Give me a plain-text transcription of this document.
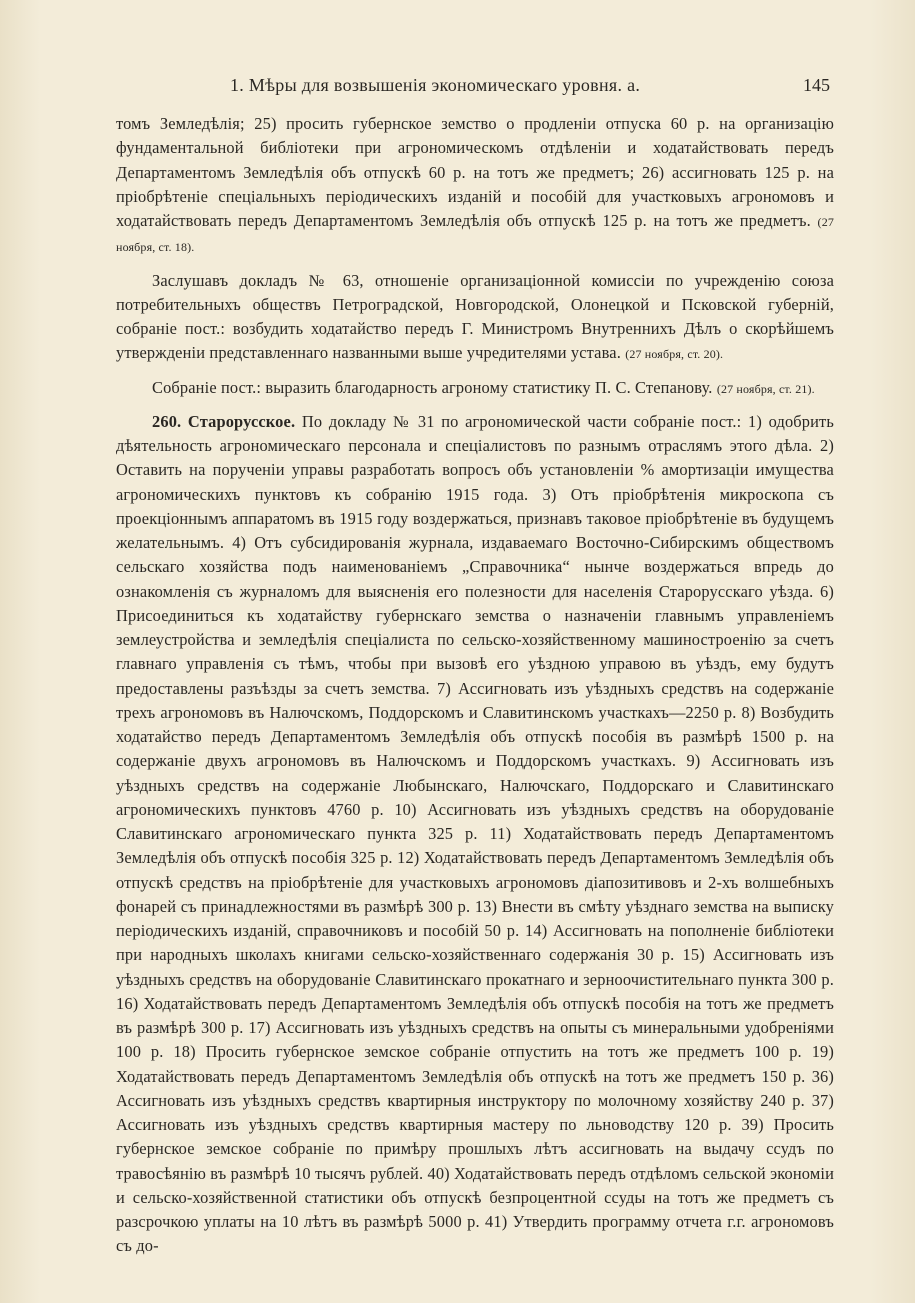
1. Мѣры для возвышенія экономическаго уровня. а.	145

томъ Земледѣлія; 25) просить губернское земство о продленіи отпуска 60 р. на организацію фундаментальной библіотеки при агрономическомъ отдѣленіи и ходатайствовать передъ Департаментомъ Земледѣлія объ отпускѣ 60 р. на тотъ же предметъ; 26) ассигновать 125 р. на пріобрѣтеніе спеціальныхъ періодическихъ изданій и пособій для участковыхъ агрономовъ и ходатайствовать передъ Департаментомъ Земледѣлія объ отпускѣ 125 р. на тотъ же предметъ. (27 ноября, ст. 18).

Заслушавъ докладъ № 63, отношеніе организаціонной комиссіи по учрежденію союза потребительныхъ обществъ Петроградской, Новгородской, Олонецкой и Псковской губерній, собраніе пост.: возбудить ходатайство передъ Г. Министромъ Внутреннихъ Дѣлъ о скорѣйшемъ утвержденіи представленнаго названными выше учредителями устава. (27 ноября, ст. 20).

Собраніе пост.: выразить благодарность агроному статистику П. С. Степанову. (27 ноября, ст. 21).

260. Старорусское. По докладу № 31 по агрономической части собраніе пост.: 1) одобрить дѣятельность агрономическаго персонала и спеціалистовъ по разнымъ отраслямъ этого дѣла. 2) Оставить на порученіи управы разработать вопросъ объ установленіи % амортизаціи имущества агрономическихъ пунктовъ къ собранію 1915 года. 3) Отъ пріобрѣтенія микроскопа съ проекціоннымъ аппаратомъ въ 1915 году воздержаться, признавъ таковое пріобрѣтеніе въ будущемъ желательнымъ. 4) Отъ субсидированія журнала, издаваемаго Восточно-Сибирскимъ обществомъ сельскаго хозяйства подъ наименованіемъ „Справочника“ нынче воздержаться впредь до ознакомленія съ журналомъ для выясненія его полезности для населенія Старорусскаго уѣзда. 6) Присоединиться къ ходатайству губернскаго земства о назначеніи главнымъ управленіемъ землеустройства и земледѣлія спеціалиста по сельско-хозяйственному машиностроенію за счетъ главнаго управленія съ тѣмъ, чтобы при вызовѣ его уѣздною управою въ уѣздъ, ему будутъ предоставлены разъѣзды за счетъ земства. 7) Ассигновать изъ уѣздныхъ средствъ на содержаніе трехъ агрономовъ въ Налючскомъ, Поддорскомъ и Славитинскомъ участкахъ—2250 р. 8) Возбудить ходатайство передъ Департаментомъ Земледѣлія объ отпускѣ пособія въ размѣрѣ 1500 р. на содержаніе двухъ агрономовъ въ Налючскомъ и Поддорскомъ участкахъ. 9) Ассигновать изъ уѣздныхъ средствъ на содержаніе Любынскаго, Налючскаго, Поддорскаго и Славитинскаго агрономическихъ пунктовъ 4760 р. 10) Ассигновать изъ уѣздныхъ средствъ на оборудованіе Славитинскаго агрономическаго пункта 325 р. 11) Ходатайствовать передъ Департаментомъ Земледѣлія объ отпускѣ пособія 325 р. 12) Ходатайствовать передъ Департаментомъ Земледѣлія объ отпускѣ средствъ на пріобрѣтеніе для участковыхъ агрономовъ діапозитивовъ и 2-хъ волшебныхъ фонарей съ принадлежностями въ размѣрѣ 300 р. 13) Внести въ смѣту уѣзднаго земства на выписку періодическихъ изданій, справочниковъ и пособій 50 р. 14) Ассигновать на пополненіе библіотеки при народныхъ школахъ книгами сельско-хозяйственнаго содержанія 30 р. 15) Ассигновать изъ уѣздныхъ средствъ на оборудованіе Славитинскаго прокатнаго и зерноочистительнаго пункта 300 р. 16) Ходатайствовать передъ Департаментомъ Земледѣлія объ отпускѣ пособія на тотъ же предметъ въ размѣрѣ 300 р. 17) Ассигновать изъ уѣздныхъ средствъ на опыты съ минеральными удобреніями 100 р. 18) Просить губернское земское собраніе отпустить на тотъ же предметъ 100 р. 19) Ходатайствовать передъ Департаментомъ Земледѣлія объ отпускѣ на тотъ же предметъ 150 р. 36) Ассигновать изъ уѣздныхъ средствъ квартирныя инструктору по молочному хозяйству 240 р. 37) Ассигновать изъ уѣздныхъ средствъ квартирныя мастеру по льноводству 120 р. 39) Просить губернское земское собраніе по примѣру прошлыхъ лѣтъ ассигновать на выдачу ссудъ по травосѣянію въ размѣрѣ 10 тысячъ рублей. 40) Ходатайствовать передъ отдѣломъ сельской экономіи и сельско-хозяйственной статистики объ отпускѣ безпроцентной ссуды на тотъ же предметъ съ разсрочкою уплаты на 10 лѣтъ въ размѣрѣ 5000 р. 41) Утвердить программу отчета г.г. агрономовъ съ до-
